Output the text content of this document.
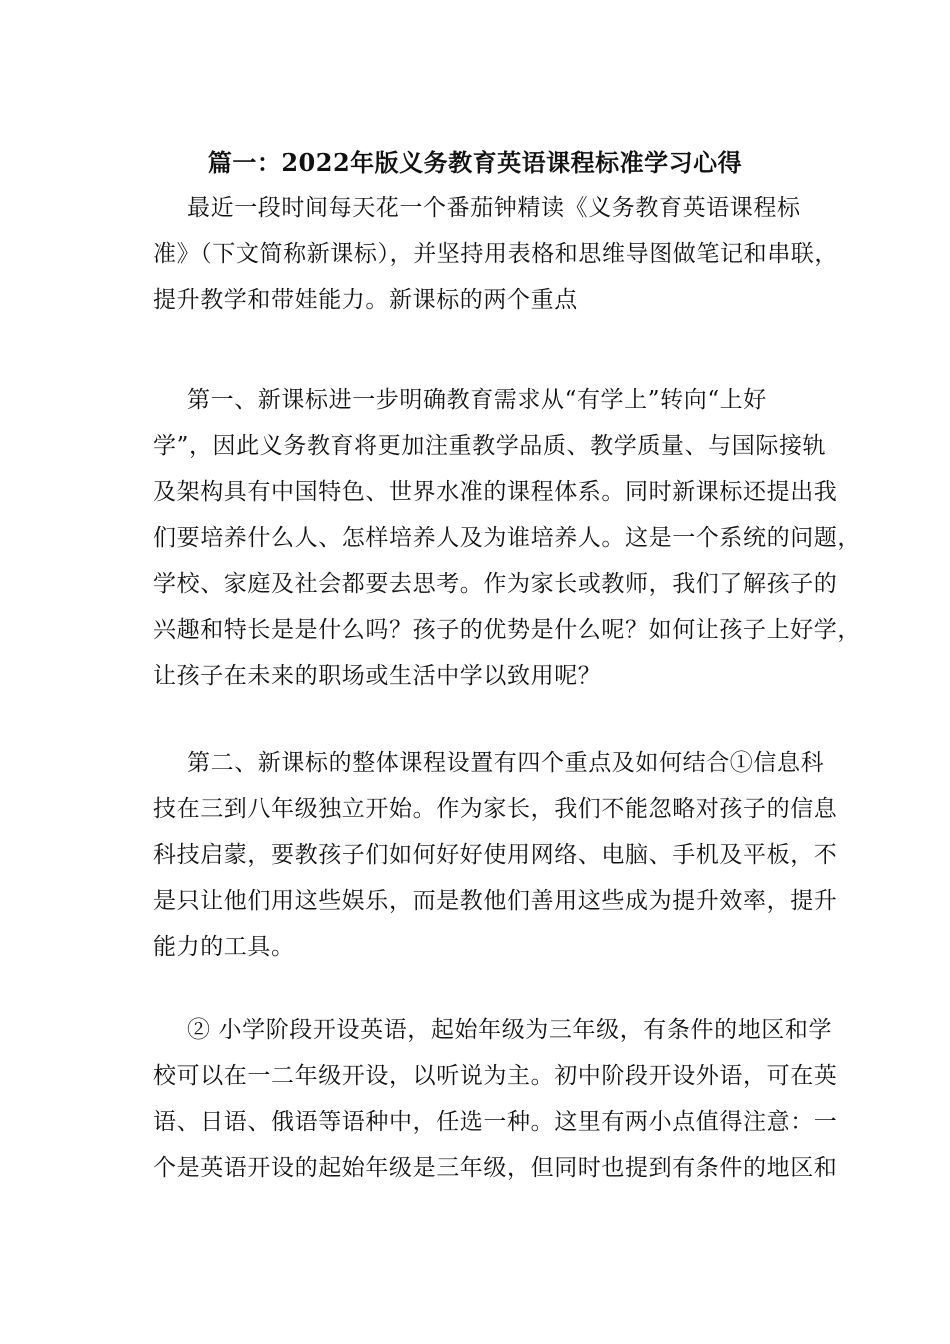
篇一：2022年版义务教育英语课程标准学习心得

最近一段时间每天花一个番茄钟精读《义务教育英语课程标
准》（下文简称新课标），并坚持用表格和思维导图做笔记和串联，
提升教学和带娃能力。新课标的两个重点

第一、新课标进一步明确教育需求从“有学上”转向“上好
学”，因此义务教育将更加注重教学品质、教学质量、与国际接轨
及架构具有中国特色、世界水准的课程体系。同时新课标还提出我
们要培养什么人、怎样培养人及为谁培养人。这是一个系统的问题，
学校、家庭及社会都要去思考。作为家长或教师，我们了解孩子的
兴趣和特长是是什么吗？孩子的优势是什么呢？如何让孩子上好学，
让孩子在未来的职场或生活中学以致用呢？

第二、新课标的整体课程设置有四个重点及如何结合①信息科
技在三到八年级独立开始。作为家长，我们不能忽略对孩子的信息
科技启蒙，要教孩子们如何好好使用网络、电脑、手机及平板，不
是只让他们用这些娱乐，而是教他们善用这些成为提升效率，提升
能力的工具。

② 小学阶段开设英语，起始年级为三年级，有条件的地区和学
校可以在一二年级开设，以听说为主。初中阶段开设外语，可在英
语、日语、俄语等语种中，任选一种。这里有两小点值得注意：一
个是英语开设的起始年级是三年级，但同时也提到有条件的地区和
